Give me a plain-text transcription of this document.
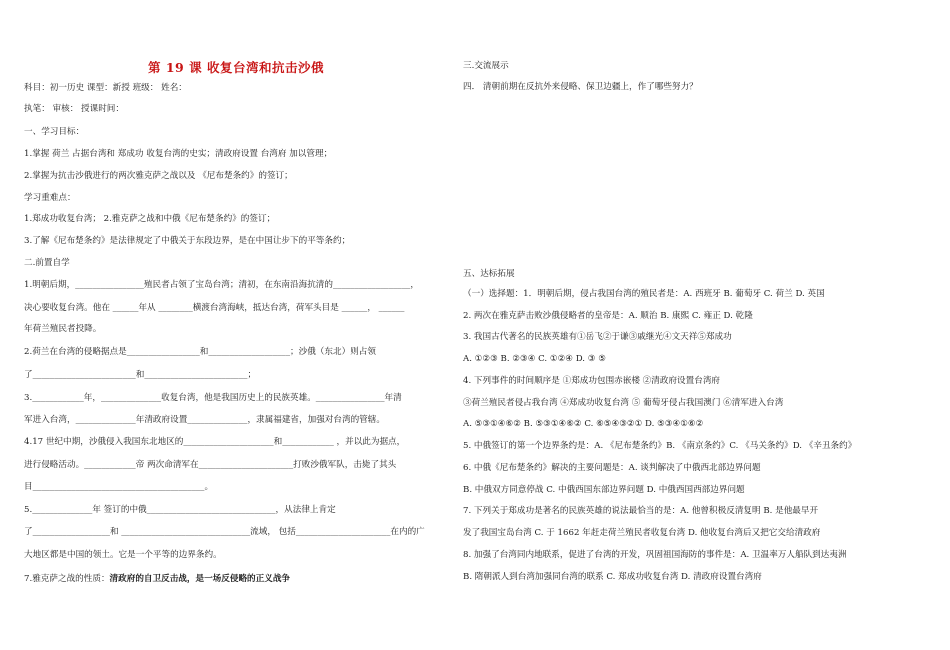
第 19 课 收复台湾和抗击沙俄
科目：初一历史 课型：新授 班级： 姓名：
执笔： 审核： 授课时间：
一、学习目标：
1.掌握 荷兰 占据台湾和 郑成功 收复台湾的史实；清政府设置 台湾府 加以管理；
2.掌握为抗击沙俄进行的两次雅克萨之战以及 《尼布楚条约》的签订；
学习重难点：
1.郑成功收复台湾； 2.雅克萨之战和中俄《尼布楚条约》的签订；
3.了解《尼布楚条约》是法律规定了中俄关于东段边界，是在中国让步下的平等条约；
二.前置自学
1.明朝后期，________________殖民者占领了宝岛台湾；清初，在东南沿海抗清的__________________，
决心要收复台湾。他在 ______年从 ________横渡台湾海峡，抵达台湾，荷军头目是 ______， ______
年荷兰殖民者投降。
2.荷兰在台湾的侵略据点是_________________和___________________；沙俄（东北）则占领
了________________________和________________________；
3.____________年，______________收复台湾，他是我国历史上的民族英雄。________________年清
军进入台湾，______________年清政府设置______________，隶属福建省，加强对台湾的管辖。
4.17 世纪中期，沙俄侵入我国东北地区的_____________________和____________ ，并以此为据点，
进行侵略活动。____________帝 两次命清军在______________________打败沙俄军队，击毙了其头
目________________________________________。
5.______________年 签订的中俄______________________________，从法律上肯定
了__________________和 ______________________________流域， 包括______________________在内的广
大地区都是中国的领土。它是一个平等的边界条约。
7.雅克萨之战的性质：清政府的自卫反击战，是一场反侵略的正义战争
三.交流展示
四． 清朝前期在反抗外来侵略、保卫边疆上，作了哪些努力？
五、达标拓展
（一）选择题：1．明朝后期，侵占我国台湾的殖民者是：A. 西班牙 B. 葡萄牙 C. 荷兰 D. 英国
2. 两次在雅克萨击败沙俄侵略者的皇帝是：A. 顺治 B. 康熙 C. 雍正 D. 乾隆
3. 我国古代著名的民族英雄有①岳飞②于谦③戚继光④文天祥⑤郑成功
A. ①②③ B. ②③④ C. ①②④ D. ③ ⑤
4. 下列事件的时间顺序是 ①郑成功包围赤嵌楼 ②清政府设置台湾府
③荷兰殖民者侵占我台湾 ④郑成功收复台湾 ⑤ 葡萄牙侵占我国澳门 ⑥清军进入台湾
A. ⑤③①④⑥② B. ⑤③①④⑥② C. ⑥⑤④③②① D. ⑤③④①⑥②
5. 中俄签订的第一个边界条约是：A. 《尼布楚条约》B. 《南京条约》C. 《马关条约》D. 《辛丑条约》
6. 中俄《尼布楚条约》解决的主要问题是：A. 谈判解决了中俄西北部边界问题
B. 中俄双方同意停战 C. 中俄西国东部边界问题 D. 中俄西国西部边界问题
7. 下列关于郑成功是著名的民族英雄的说法最恰当的是：A. 他曾积极反清复明 B. 是他最早开
发了我国宝岛台湾 C. 于 1662 年赶走荷兰殖民者收复台湾 D. 他收复台湾后又把它交给清政府
8. 加强了台湾同内地联系，促进了台湾的开发，巩固祖国海防的事件是：A. 卫温率万人船队到达夷洲
B. 隋朝派人到台湾加强同台湾的联系 C. 郑成功收复台湾 D. 清政府设置台湾府
